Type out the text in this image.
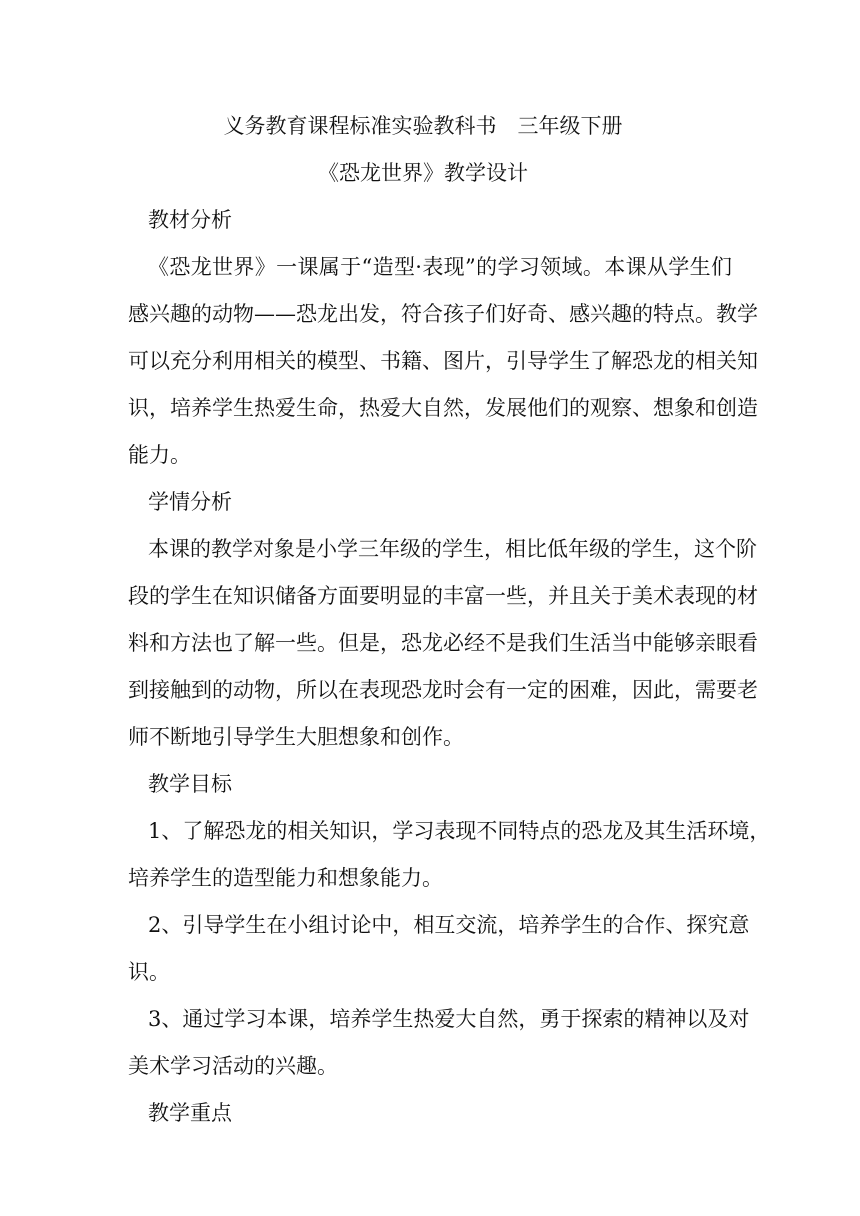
义务教育课程标准实验教科书　三年级下册
《恐龙世界》教学设计
教材分析
《恐龙世界》一课属于“造型·表现”的学习领域。本课从学生们
感兴趣的动物——恐龙出发，符合孩子们好奇、感兴趣的特点。教学
可以充分利用相关的模型、书籍、图片，引导学生了解恐龙的相关知
识，培养学生热爱生命，热爱大自然，发展他们的观察、想象和创造
能力。
学情分析
本课的教学对象是小学三年级的学生，相比低年级的学生，这个阶
段的学生在知识储备方面要明显的丰富一些，并且关于美术表现的材
料和方法也了解一些。但是，恐龙必经不是我们生活当中能够亲眼看
到接触到的动物，所以在表现恐龙时会有一定的困难，因此，需要老
师不断地引导学生大胆想象和创作。
教学目标
1、了解恐龙的相关知识，学习表现不同特点的恐龙及其生活环境，
培养学生的造型能力和想象能力。
2、引导学生在小组讨论中，相互交流，培养学生的合作、探究意
识。
3、通过学习本课，培养学生热爱大自然，勇于探索的精神以及对
美术学习活动的兴趣。
教学重点
